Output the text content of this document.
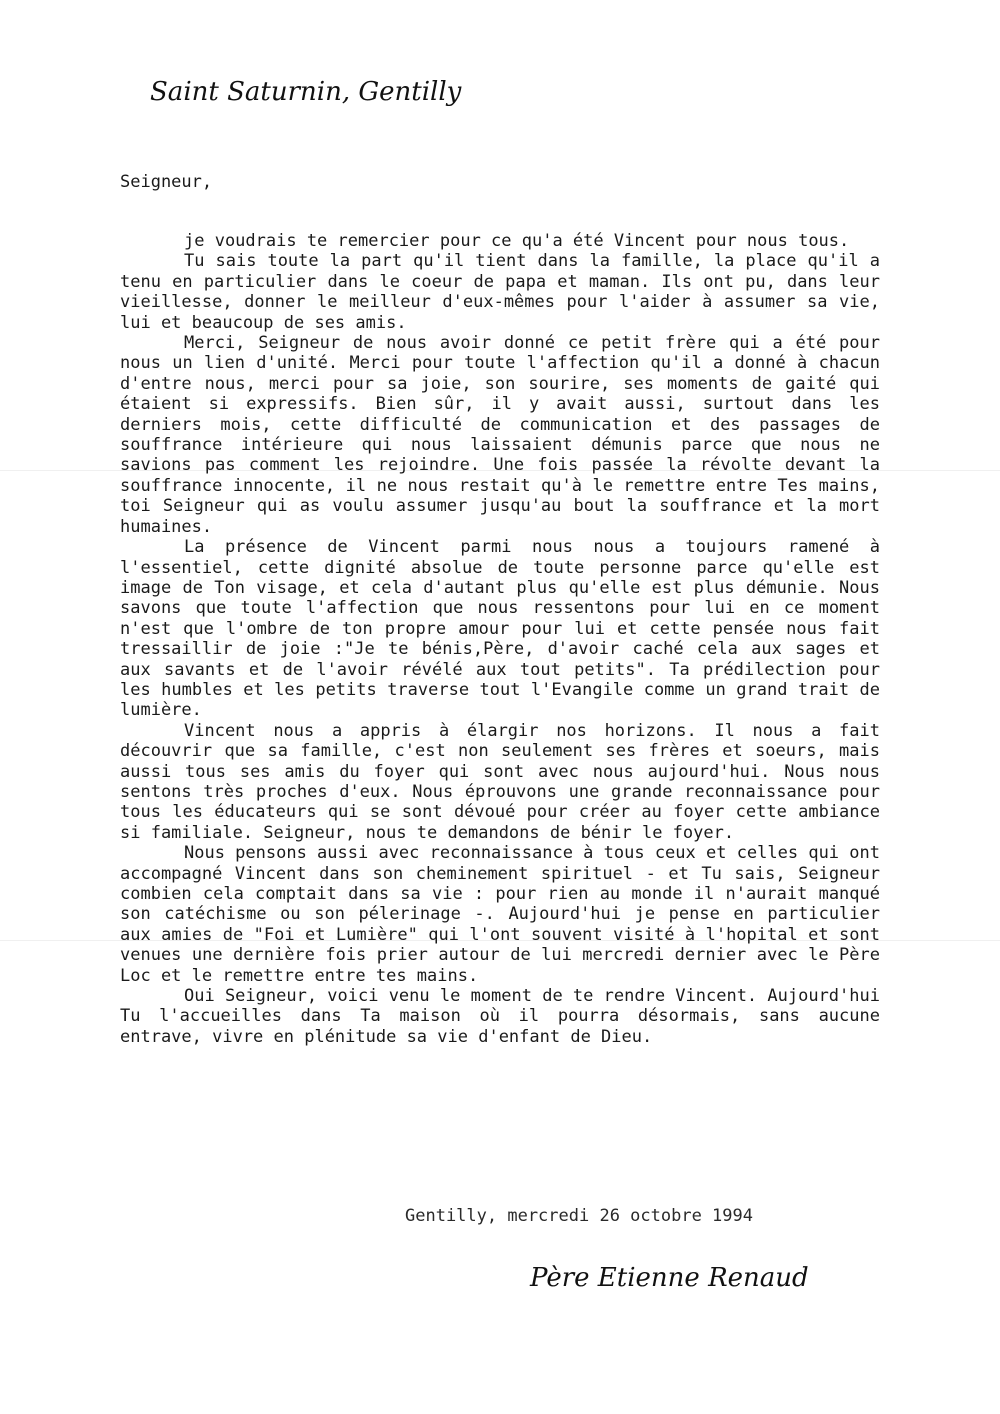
Saint Saturnin, Gentilly

Seigneur,

je voudrais te remercier pour ce qu'a été Vincent pour nous tous.

Tu sais toute la part qu'il tient dans la famille, la place qu'il a tenu en particulier dans le coeur de papa et maman. Ils ont pu, dans leur vieillesse, donner le meilleur d'eux-mêmes pour l'aider à assumer sa vie, lui et beaucoup de ses amis.

Merci, Seigneur de nous avoir donné ce petit frère qui a été pour nous un lien d'unité. Merci pour toute l'affection qu'il a donné à chacun d'entre nous, merci pour sa joie, son sourire, ses moments de gaité qui étaient si expressifs. Bien sûr, il y avait aussi, surtout dans les derniers mois, cette difficulté de communication et des passages de souffrance intérieure qui nous laissaient démunis parce que nous ne savions pas comment les rejoindre. Une fois passée la révolte devant la souffrance innocente, il ne nous restait qu'à le remettre entre Tes mains, toi Seigneur qui as voulu assumer jusqu'au bout la souffrance et la mort humaines.

La présence de Vincent parmi nous nous a toujours ramené à l'essentiel, cette dignité absolue de toute personne parce qu'elle est image de Ton visage, et cela d'autant plus qu'elle est plus démunie. Nous savons que toute l'affection que nous ressentons pour lui en ce moment n'est que l'ombre de ton propre amour pour lui et cette pensée nous fait tressaillir de joie :"Je te bénis,Père, d'avoir caché cela aux sages et aux savants et de l'avoir révélé aux tout petits". Ta prédilection pour les humbles et les petits traverse tout l'Evangile comme un grand trait de lumière.

Vincent nous a appris à élargir nos horizons. Il nous a fait découvrir que sa famille, c'est non seulement ses frères et soeurs, mais aussi tous ses amis du foyer qui sont avec nous aujourd'hui. Nous nous sentons très proches d'eux. Nous éprouvons une grande reconnaissance pour tous les éducateurs qui se sont dévoué pour créer au foyer cette ambiance si familiale. Seigneur, nous te demandons de bénir le foyer.

Nous pensons aussi avec reconnaissance à tous ceux et celles qui ont accompagné Vincent dans son cheminement spirituel - et Tu sais, Seigneur combien cela comptait dans sa vie : pour rien au monde il n'aurait manqué son catéchisme ou son pélerinage -. Aujourd'hui je pense en particulier aux amies de "Foi et Lumière" qui l'ont souvent visité à l'hopital et sont venues une dernière fois prier autour de lui mercredi dernier avec le Père Loc et le remettre entre tes mains.

Oui Seigneur, voici venu le moment de te rendre Vincent. Aujourd'hui Tu l'accueilles dans Ta maison où il pourra désormais, sans aucune entrave, vivre en plénitude sa vie d'enfant de Dieu.

Gentilly, mercredi 26 octobre 1994

Père Etienne Renaud
